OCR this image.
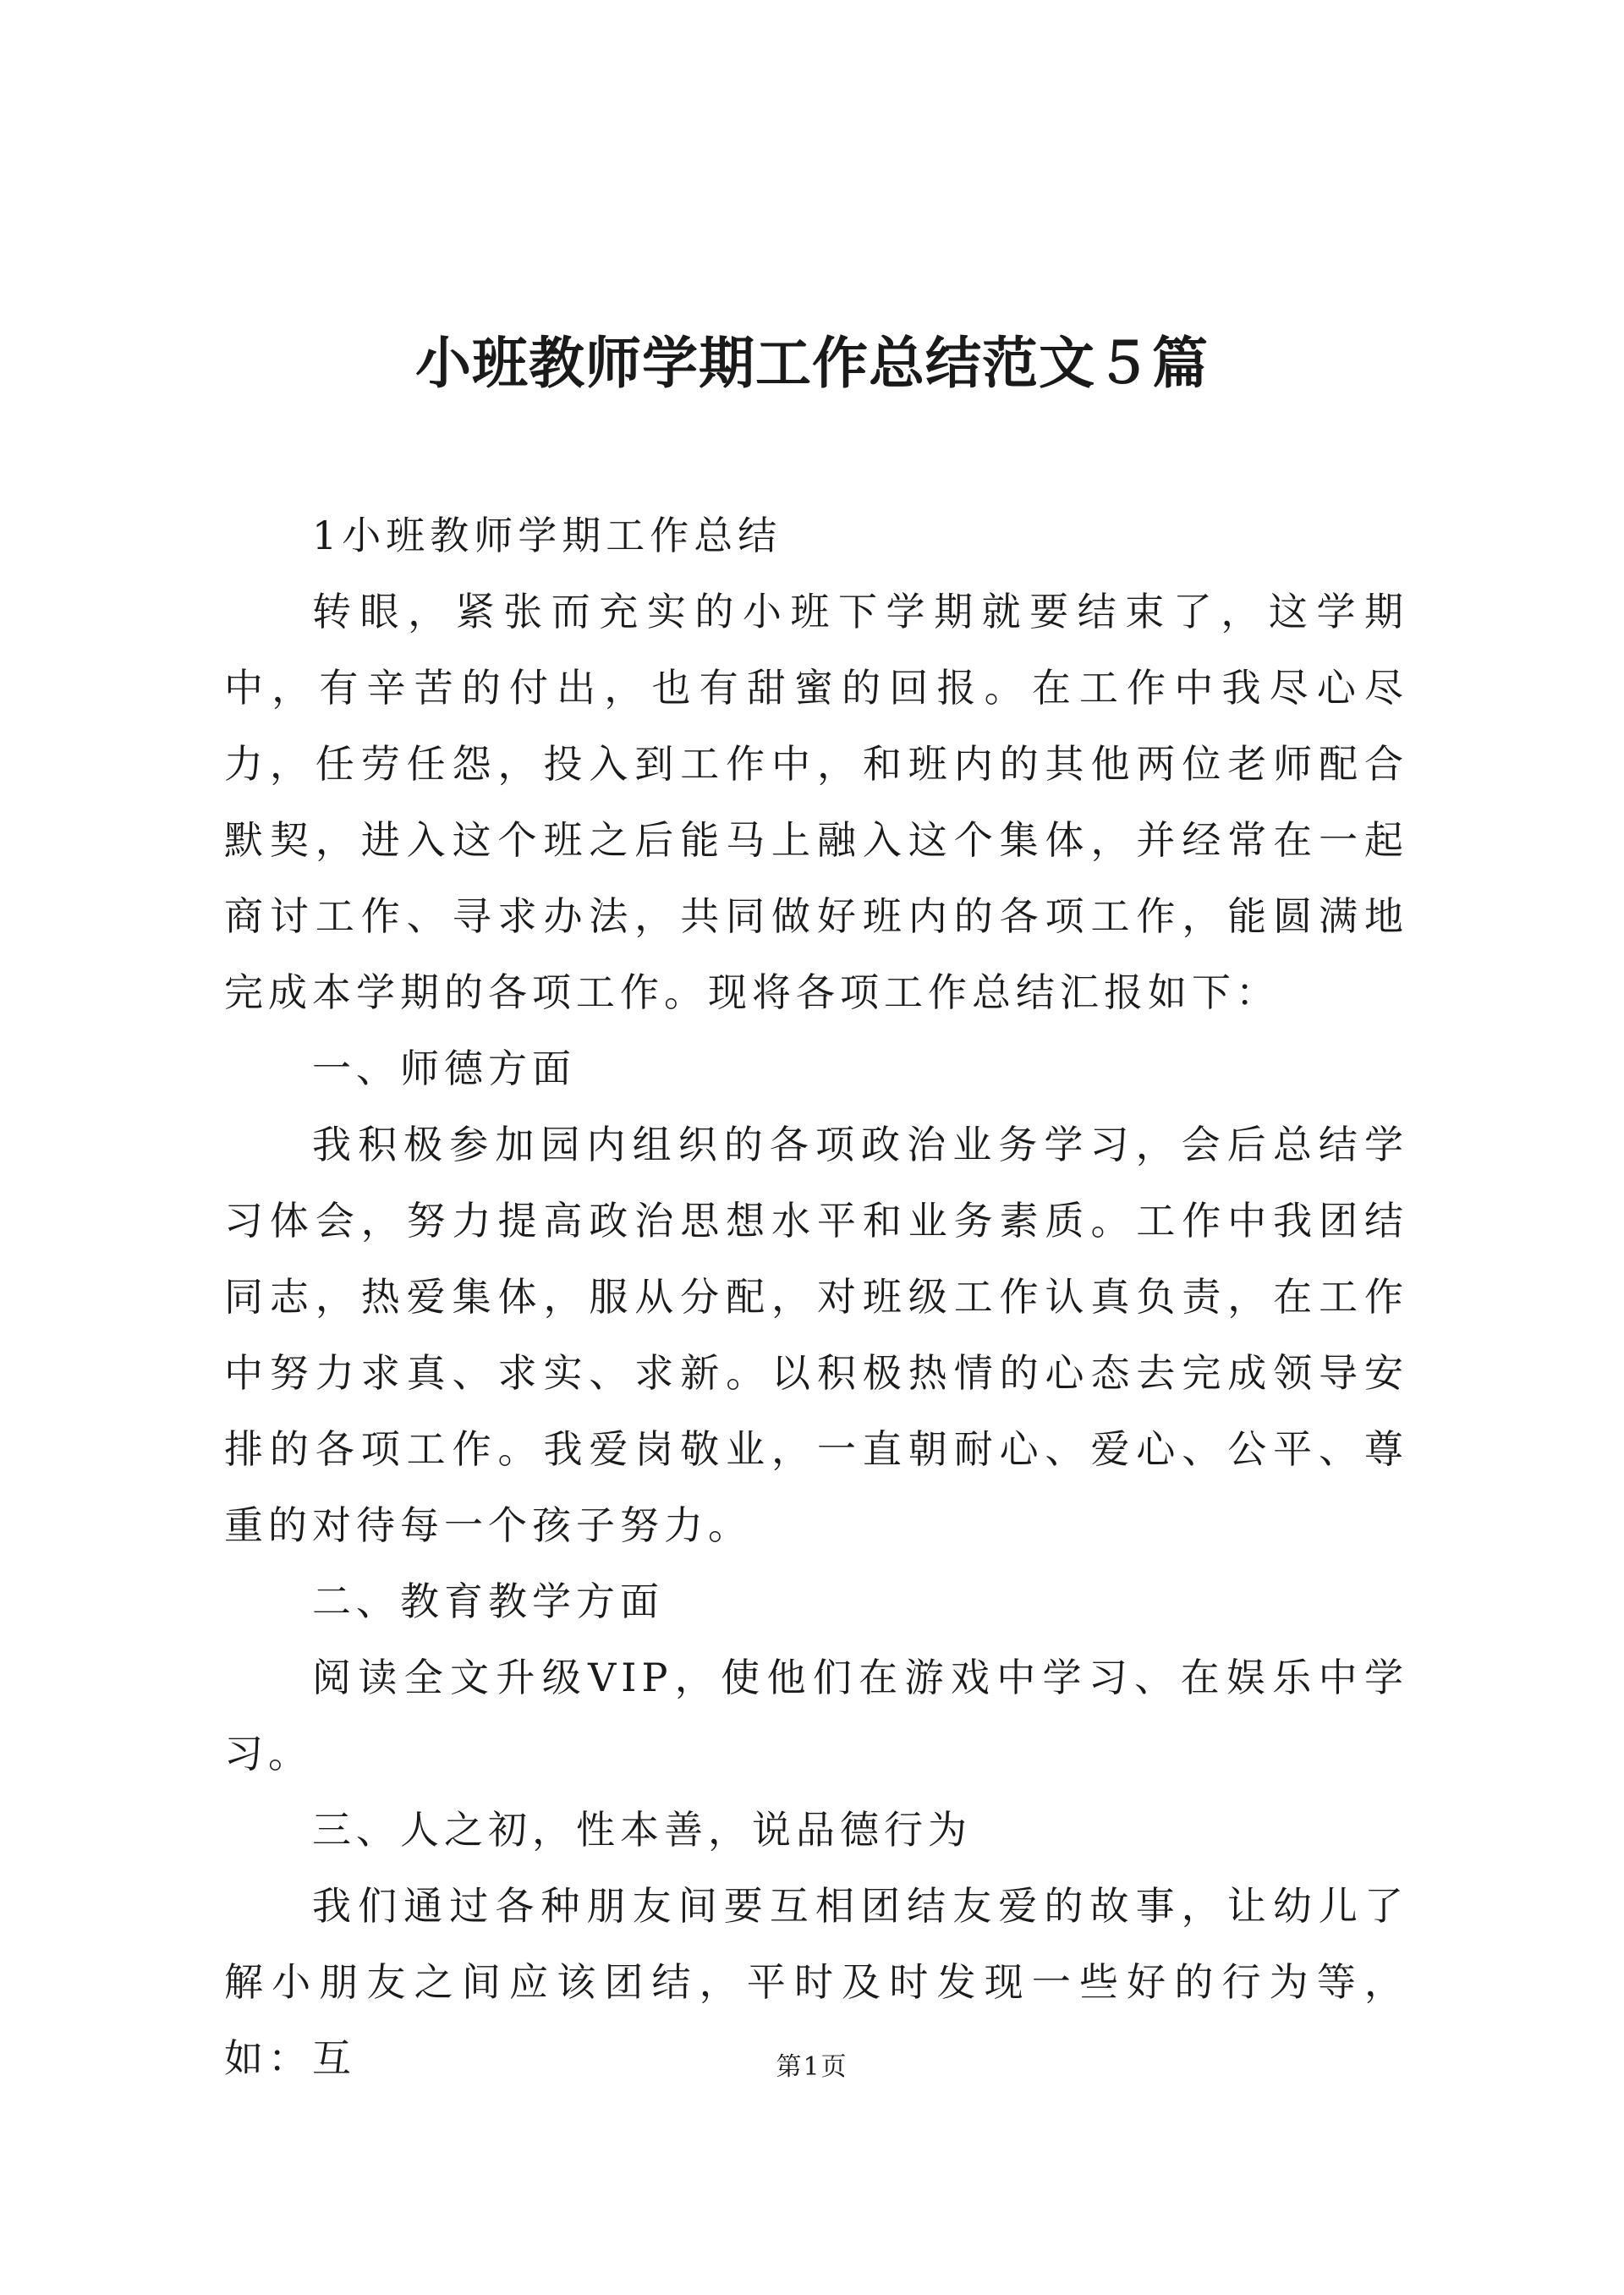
小班教师学期工作总结范文５篇

1小班教师学期工作总结

转眼，紧张而充实的小班下学期就要结束了，这学期中，有辛苦的付出，也有甜蜜的回报。在工作中我尽心尽力，任劳任怨，投入到工作中，和班内的其他两位老师配合默契，进入这个班之后能马上融入这个集体，并经常在一起商讨工作、寻求办法，共同做好班内的各项工作，能圆满地完成本学期的各项工作。现将各项工作总结汇报如下：

一、师德方面

我积极参加园内组织的各项政治业务学习，会后总结学习体会，努力提高政治思想水平和业务素质。工作中我团结同志，热爱集体，服从分配，对班级工作认真负责，在工作中努力求真、求实、求新。以积极热情的心态去完成领导安排的各项工作。我爱岗敬业，一直朝耐心、爱心、公平、尊重的对待每一个孩子努力。

二、教育教学方面

阅读全文升级VIP，使他们在游戏中学习、在娱乐中学习。

三、人之初，性本善，说品德行为

我们通过各种朋友间要互相团结友爱的故事，让幼儿了解小朋友之间应该团结，平时及时发现一些好的行为等，如：互	第1页
